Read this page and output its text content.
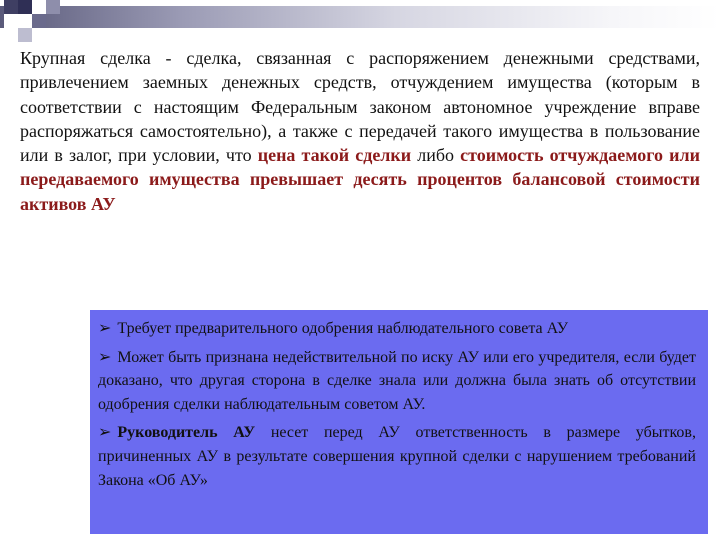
Крупная сделка - сделка, связанная с распоряжением денежными средствами, привлечением заемных денежных средств, отчуждением имущества (которым в соответствии с настоящим Федеральным законом автономное учреждение вправе распоряжаться самостоятельно), а также с передачей такого имущества в пользование или в залог, при условии, что цена такой сделки либо стоимость отчуждаемого или передаваемого имущества превышает десять процентов балансовой стоимости активов АУ

➢ Требует предварительного одобрения наблюдательного совета АУ

➢ Может быть признана недействительной по иску АУ или его учредителя, если будет доказано, что другая сторона в сделке знала или должна была знать об отсутствии одобрения сделки наблюдательным советом АУ.

➢ Руководитель АУ несет перед АУ ответственность в размере убытков, причиненных АУ в результате совершения крупной сделки с нарушением требований Закона «Об АУ»
